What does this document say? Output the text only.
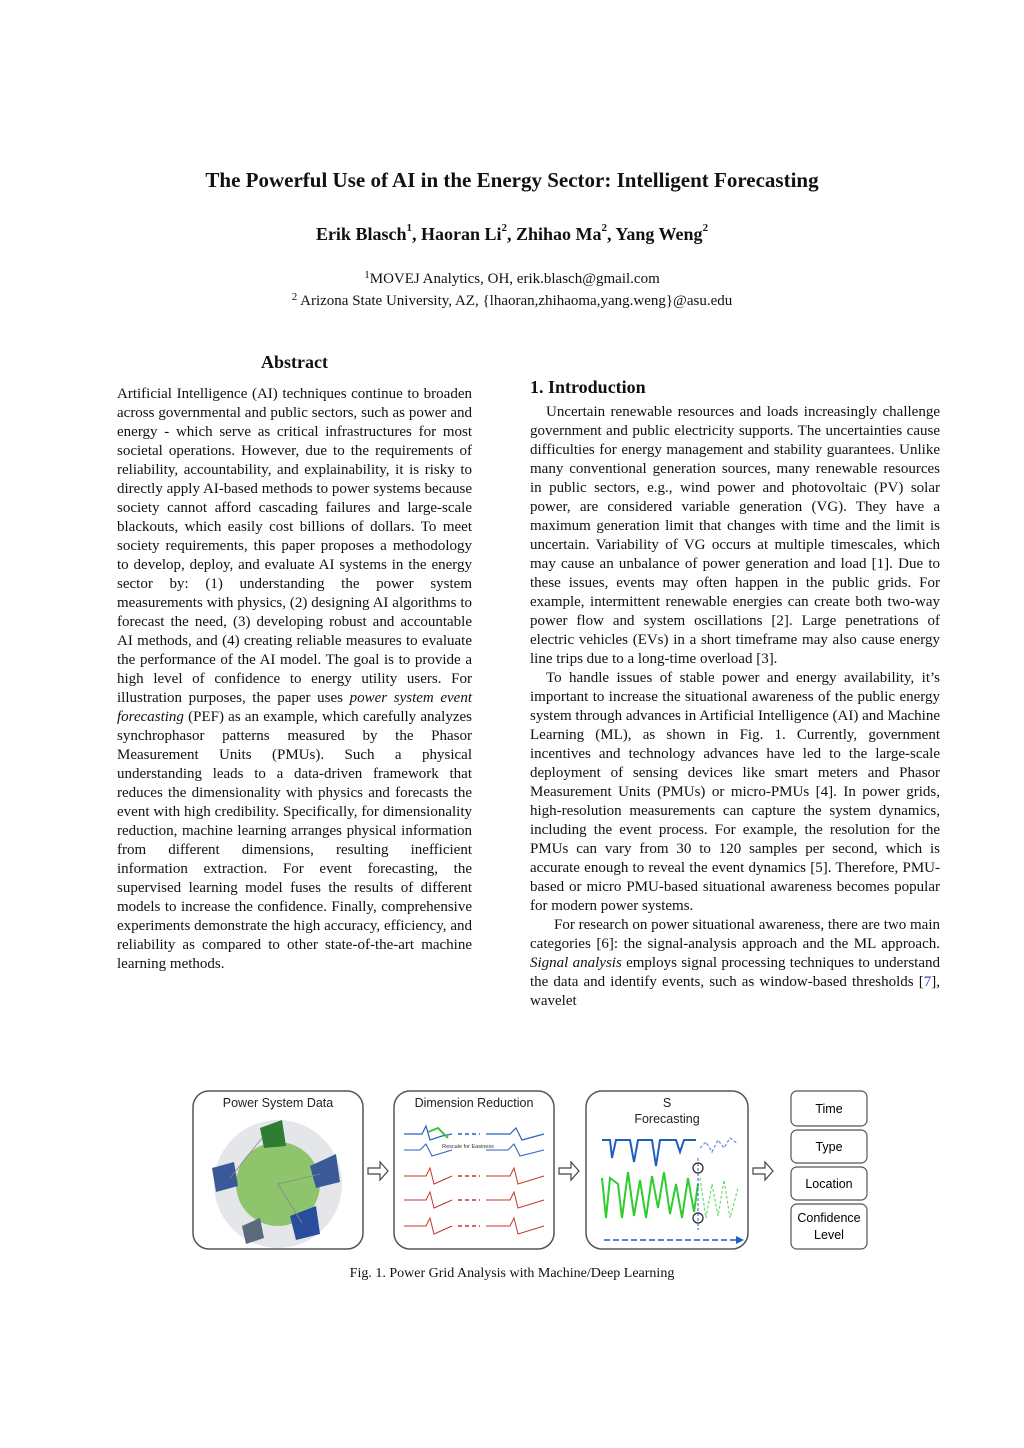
The Powerful Use of AI in the Energy Sector: Intelligent Forecasting
Erik Blasch$^1$, Haoran Li$^2$, Zhihao Ma$^2$, Yang Weng$^2$
$^1$MOVEJ Analytics, OH, erik.blasch@gmail.com
$^2$ Arizona State University, AZ, {lhaoran,zhihaoma,yang.weng}@asu.edu
Abstract

Artificial Intelligence (AI) techniques continue to broaden across governmental and public sectors, such as power and energy - which serve as critical infrastructures for most societal operations. However, due to the requirements of reliability, accountability, and explainability, it is risky to directly apply AI-based methods to power systems because society cannot afford cascading failures and large-scale blackouts, which easily cost billions of dollars. To meet society requirements, this paper proposes a methodology to develop, deploy, and evaluate AI systems in the energy sector by: (1) understanding the power system measurements with physics, (2) designing AI algorithms to forecast the need, (3) developing robust and accountable AI methods, and (4) creating reliable measures to evaluate the performance of the AI model. The goal is to provide a high level of confidence to energy utility users. For illustration purposes, the paper uses power system event forecasting (PEF) as an example, which carefully analyzes synchrophasor patterns measured by the Phasor Measurement Units (PMUs). Such a physical understanding leads to a data-driven framework that reduces the dimensionality with physics and forecasts the event with high credibility. Specifically, for dimensionality reduction, machine learning arranges physical information from different dimensions, resulting inefficient information extraction. For event forecasting, the supervised learning model fuses the results of different models to increase the confidence. Finally, comprehensive experiments demonstrate the high accuracy, efficiency, and reliability as compared to other state-of-the-art machine learning methods.

1. Introduction

Uncertain renewable resources and loads increasingly challenge government and public electricity supports. The uncertainties cause difficulties for energy management and stability guarantees. Unlike many conventional generation sources, many renewable resources in public sectors, e.g., wind power and photovoltaic (PV) solar power, are considered variable generation (VG). They have a maximum generation limit that changes with time and the limit is uncertain. Variability of VG occurs at multiple timescales, which may cause an unbalance of power generation and load [1]. Due to these issues, events may often happen in the public grids. For example, intermittent renewable energies can create both two-way power flow and system oscillations [2]. Large penetrations of electric vehicles (EVs) in a short timeframe may also cause energy line trips due to a long-time overload [3].

To handle issues of stable power and energy availability, it’s important to increase the situational awareness of the public energy system through advances in Artificial Intelligence (AI) and Machine Learning (ML), as shown in Fig. 1. Currently, government incentives and technology advances have led to the large-scale deployment of sensing devices like smart meters and Phasor Measurement Units (PMUs) or micro-PMUs [4]. In power grids, high-resolution measurements can capture the system dynamics, including the event process. For example, the resolution for the PMUs can vary from 30 to 120 samples per second, which is accurate enough to reveal the event dynamics [5]. Therefore, PMU-based or micro PMU-based situational awareness becomes popular for modern power systems.

For research on power situational awareness, there are two main categories [6]: the signal-analysis approach and the ML approach. Signal analysis employs signal processing techniques to understand the data and identify events, such as window-based thresholds [7], wavelet

Power System Data	Dimension Reduction
Rescale for Easiness
S
Forecasting
Time
Type
Location
Confidence
Level
Fig. 1. Power Grid Analysis with Machine/Deep Learning
